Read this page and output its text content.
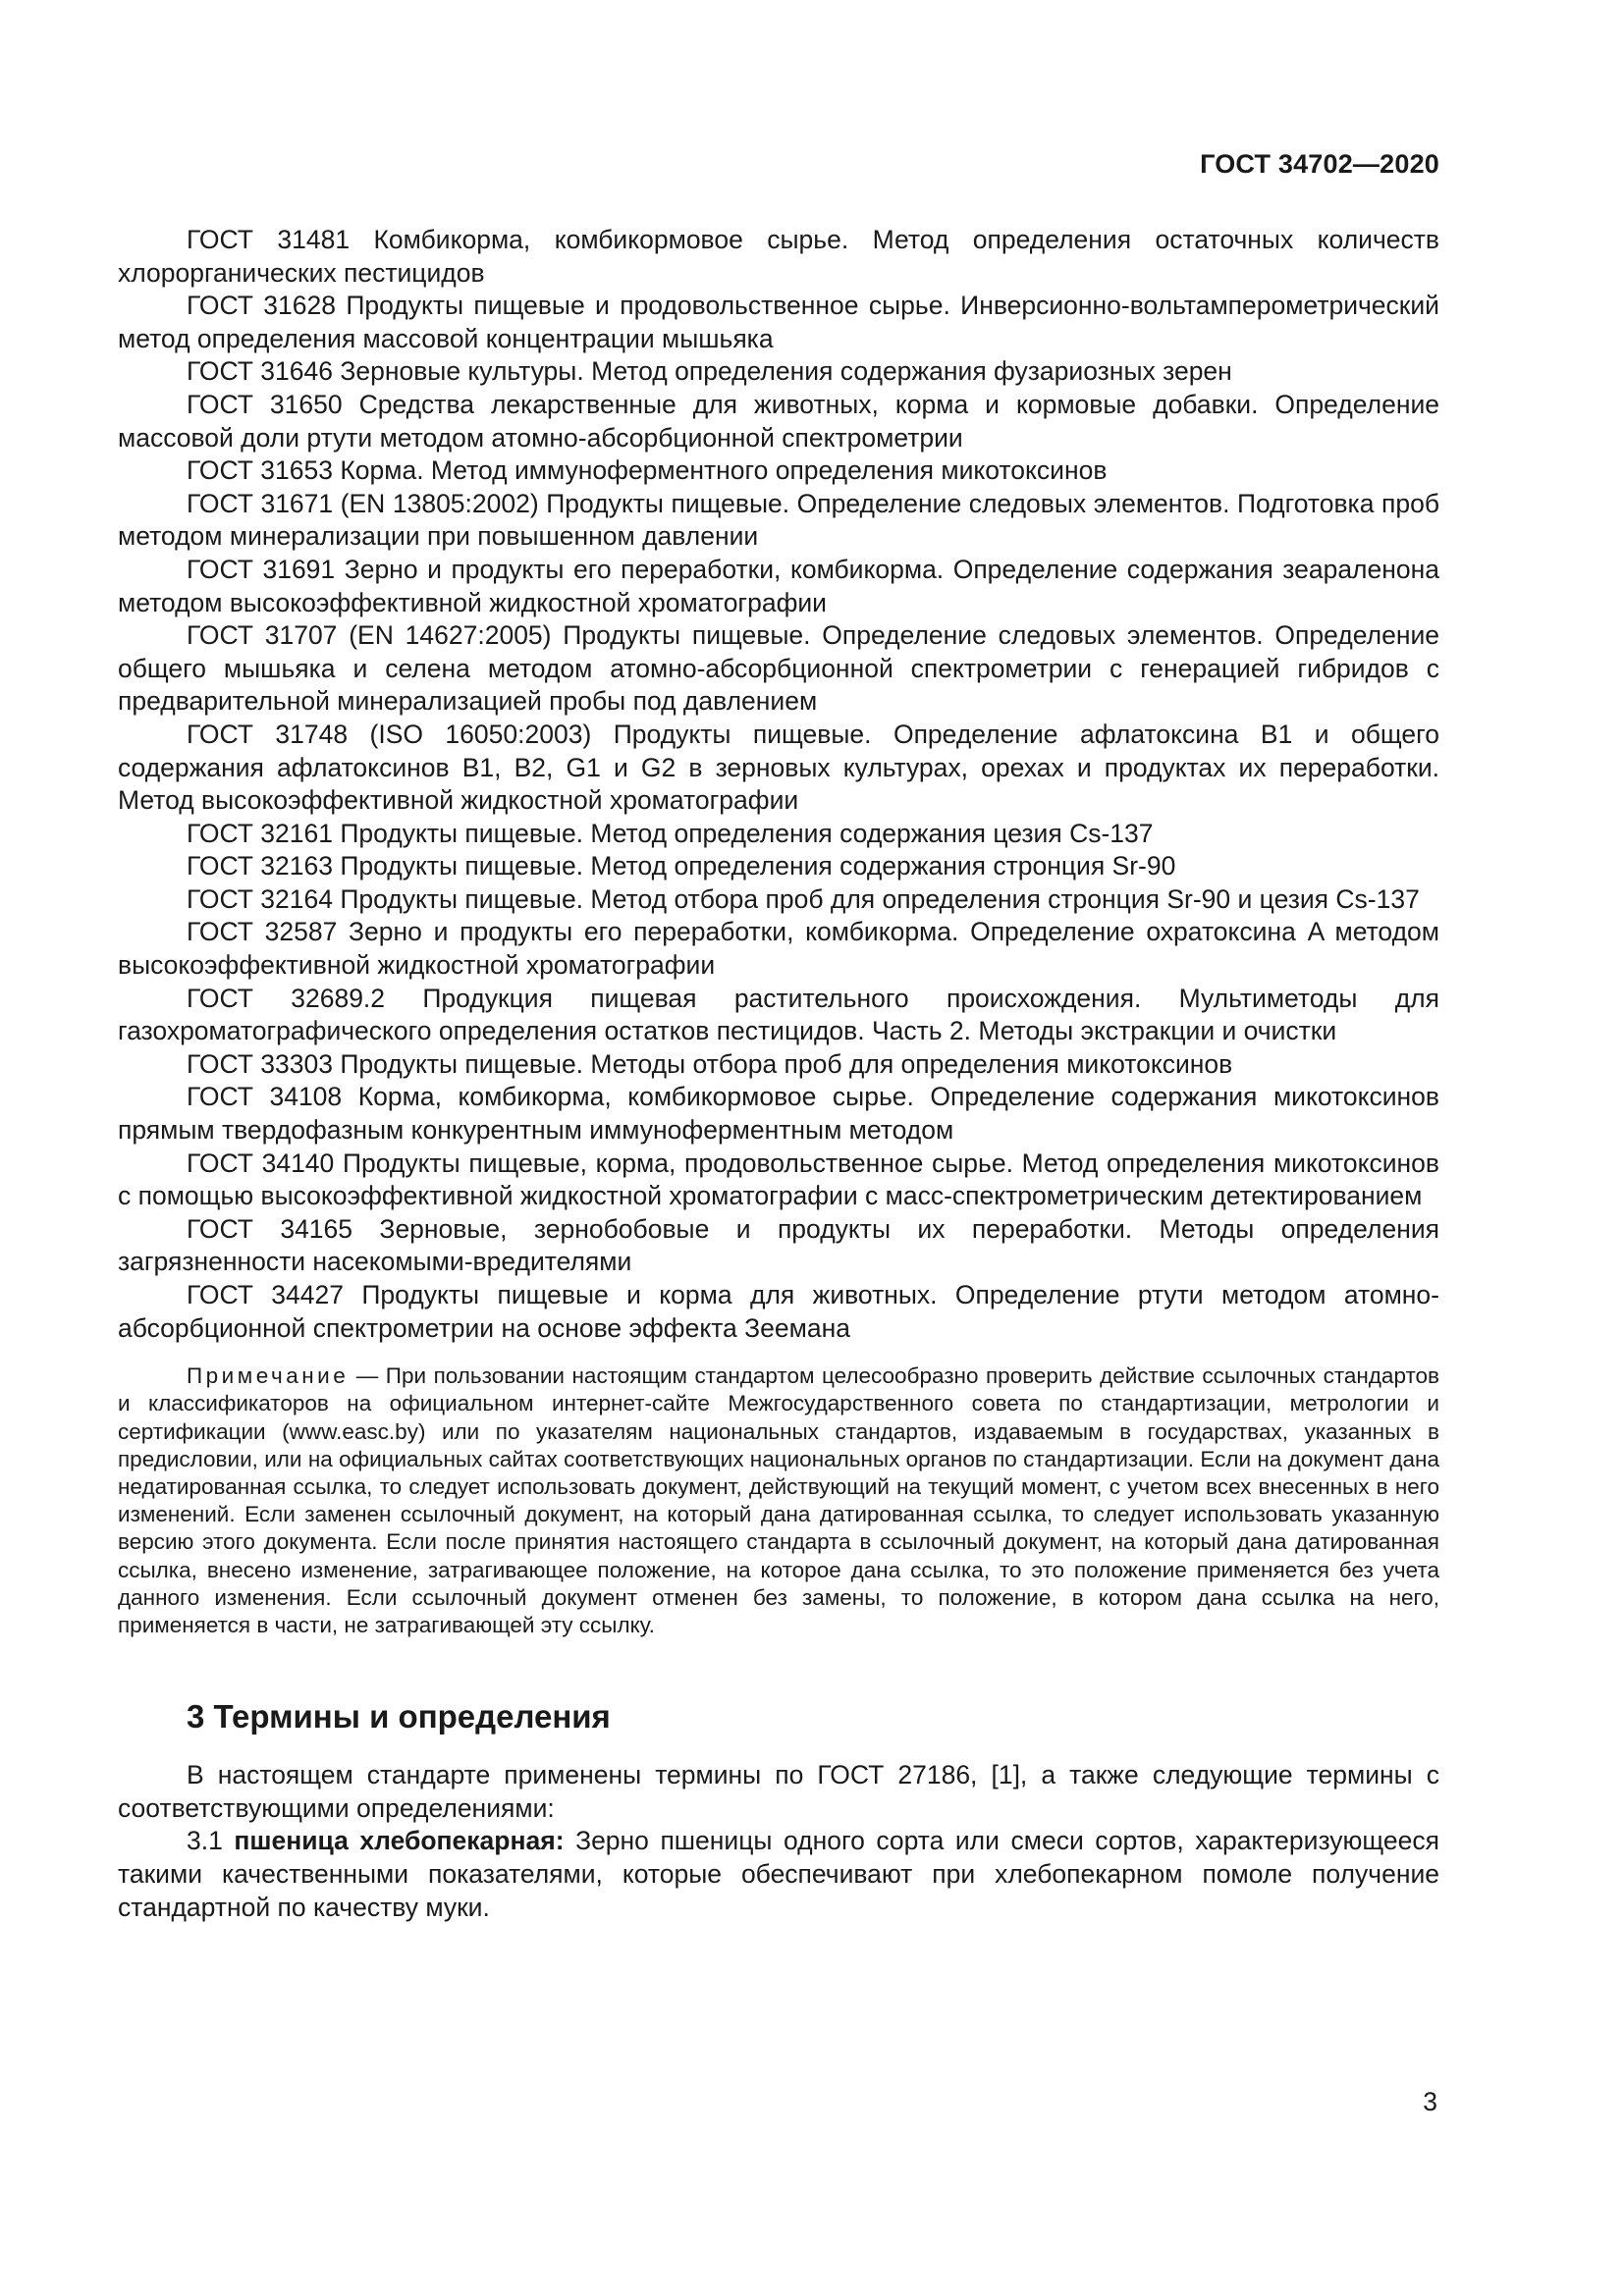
ГОСТ 34702—2020

ГОСТ 31481 Комбикорма, комбикормовое сырье. Метод определения остаточных количеств хлорорганических пестицидов
ГОСТ 31628 Продукты пищевые и продовольственное сырье. Инверсионно-вольтамперометрический метод определения массовой концентрации мышьяка
ГОСТ 31646 Зерновые культуры. Метод определения содержания фузариозных зерен
ГОСТ 31650 Средства лекарственные для животных, корма и кормовые добавки. Определение массовой доли ртути методом атомно-абсорбционной спектрометрии
ГОСТ 31653 Корма. Метод иммуноферментного определения микотоксинов
ГОСТ 31671 (EN 13805:2002) Продукты пищевые. Определение следовых элементов. Подготовка проб методом минерализации при повышенном давлении
ГОСТ 31691 Зерно и продукты его переработки, комбикорма. Определение содержания зеараленона методом высокоэффективной жидкостной хроматографии
ГОСТ 31707 (EN 14627:2005) Продукты пищевые. Определение следовых элементов. Определение общего мышьяка и селена методом атомно-абсорбционной спектрометрии с генерацией гибридов с предварительной минерализацией пробы под давлением
ГОСТ 31748 (ISO 16050:2003) Продукты пищевые. Определение афлатоксина B1 и общего содержания афлатоксинов B1, B2, G1 и G2 в зерновых культурах, орехах и продуктах их переработки. Метод высокоэффективной жидкостной хроматографии
ГОСТ 32161 Продукты пищевые. Метод определения содержания цезия Cs-137
ГОСТ 32163 Продукты пищевые. Метод определения содержания стронция Sr-90
ГОСТ 32164 Продукты пищевые. Метод отбора проб для определения стронция Sr-90 и цезия Cs-137
ГОСТ 32587 Зерно и продукты его переработки, комбикорма. Определение охратоксина A методом высокоэффективной жидкостной хроматографии
ГОСТ 32689.2 Продукция пищевая растительного происхождения. Мультиметоды для газохроматографического определения остатков пестицидов. Часть 2. Методы экстракции и очистки
ГОСТ 33303 Продукты пищевые. Методы отбора проб для определения микотоксинов
ГОСТ 34108 Корма, комбикорма, комбикормовое сырье. Определение содержания микотоксинов прямым твердофазным конкурентным иммуноферментным методом
ГОСТ 34140 Продукты пищевые, корма, продовольственное сырье. Метод определения микотоксинов с помощью высокоэффективной жидкостной хроматографии с масс-спектрометрическим детектированием
ГОСТ 34165 Зерновые, зернобобовые и продукты их переработки. Методы определения загрязненности насекомыми-вредителями
ГОСТ 34427 Продукты пищевые и корма для животных. Определение ртути методом атомно-абсорбционной спектрометрии на основе эффекта Зеемана

Примечание — При пользовании настоящим стандартом целесообразно проверить действие ссылочных стандартов и классификаторов на официальном интернет-сайте Межгосударственного совета по стандартизации, метрологии и сертификации (www.easc.by) или по указателям национальных стандартов, издаваемым в государствах, указанных в предисловии, или на официальных сайтах соответствующих национальных органов по стандартизации. Если на документ дана недатированная ссылка, то следует использовать документ, действующий на текущий момент, с учетом всех внесенных в него изменений. Если заменен ссылочный документ, на который дана датированная ссылка, то следует использовать указанную версию этого документа. Если после принятия настоящего стандарта в ссылочный документ, на который дана датированная ссылка, внесено изменение, затрагивающее положение, на которое дана ссылка, то это положение применяется без учета данного изменения. Если ссылочный документ отменен без замены, то положение, в котором дана ссылка на него, применяется в части, не затрагивающей эту ссылку.

3 Термины и определения

В настоящем стандарте применены термины по ГОСТ 27186, [1], а также следующие термины с соответствующими определениями:

3.1 пшеница хлебопекарная: Зерно пшеницы одного сорта или смеси сортов, характеризующееся такими качественными показателями, которые обеспечивают при хлебопекарном помоле получение стандартной по качеству муки.

3
